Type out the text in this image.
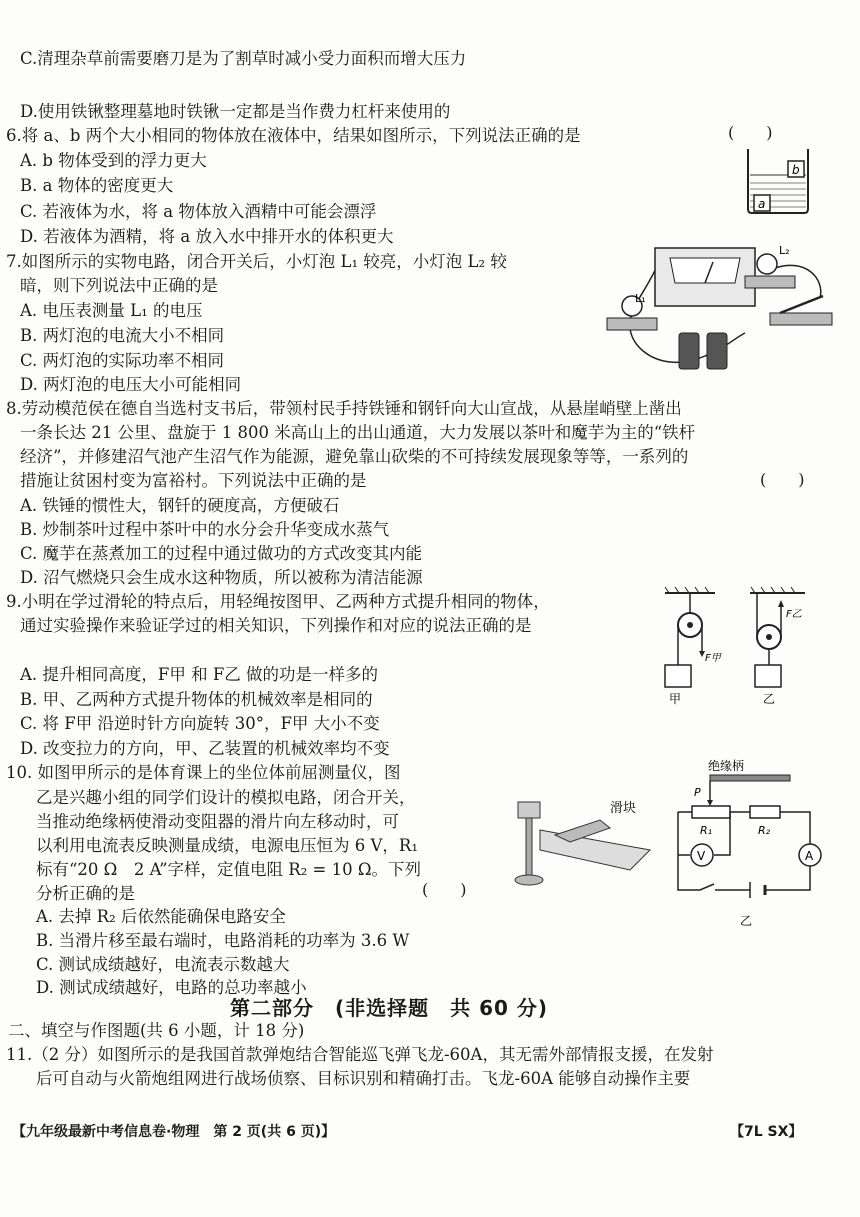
C.清理杂草前需要磨刀是为了割草时减小受力面积而增大压力
D.使用铁锹整理墓地时铁锹一定都是当作费力杠杆来使用的
6.将 a、b 两个大小相同的物体放在液体中，结果如图所示，下列说法正确的是
A. b 物体受到的浮力更大
B. a 物体的密度更大
C. 若液体为水，将 a 物体放入酒精中可能会漂浮
D. 若液体为酒精，将 a 放入水中排开水的体积更大
7.如图所示的实物电路，闭合开关后，小灯泡 L₁ 较亮，小灯泡 L₂ 较
暗，则下列说法中正确的是
A. 电压表测量 L₁ 的电压
B. 两灯泡的电流大小不相同
C. 两灯泡的实际功率不相同
D. 两灯泡的电压大小可能相同
8.劳动模范侯在德自当选村支书后，带领村民手持铁锤和钢钎向大山宣战，从悬崖峭壁上凿出
一条长达 21 公里、盘旋于 1 800 米高山上的出山通道，大力发展以茶叶和魔芋为主的“铁杆
经济”，并修建沼气池产生沼气作为能源，避免靠山砍柴的不可持续发展现象等等，一系列的
措施让贫困村变为富裕村。下列说法中正确的是
A. 铁锤的惯性大，钢钎的硬度高，方便破石
B. 炒制茶叶过程中茶叶中的水分会升华变成水蒸气
C. 魔芋在蒸煮加工的过程中通过做功的方式改变其内能
D. 沼气燃烧只会生成水这种物质，所以被称为清洁能源
9.小明在学过滑轮的特点后，用轻绳按图甲、乙两种方式提升相同的物体，
通过实验操作来验证学过的相关知识，下列操作和对应的说法正确的是
A. 提升相同高度，F甲 和 F乙 做的功是一样多的
B. 甲、乙两种方式提升物体的机械效率是相同的
C. 将 F甲 沿逆时针方向旋转 30°，F甲 大小不变
D. 改变拉力的方向，甲、乙装置的机械效率均不变
10. 如图甲所示的是体育课上的坐位体前屈测量仪，图
乙是兴趣小组的同学们设计的模拟电路，闭合开关，
当推动绝缘柄使滑动变阻器的滑片向左移动时，可
以利用电流表反映测量成绩，电源电压恒为 6 V，R₁
标有“20 Ω　2 A”字样，定值电阻 R₂ = 10 Ω。下列
分析正确的是
A. 去掉 R₂ 后依然能确保电路安全
B. 当滑片移至最右端时，电路消耗的功率为 3.6 W
C. 测试成绩越好，电流表示数越大
D. 测试成绩越好，电路的总功率越小
二、填空与作图题(共 6 小题，计 18 分)
11.（2 分）如图所示的是我国首款弹炮结合智能巡飞弹飞龙-60A，其无需外部情报支援，在发射
后可自动与火箭炮组网进行战场侦察、目标识别和精确打击。飞龙-60A 能够自动操作主要
(　　)
(　　)
(　　)
第二部分　(非选择题　共 60 分)
【九年级最新中考信息卷·物理　第 2 页(共 6 页)】	【7L SX】
b
a
L₁
L₂
F甲
甲
F乙
乙
滑块
绝缘柄
P
R₁	R₂
V	A
乙
